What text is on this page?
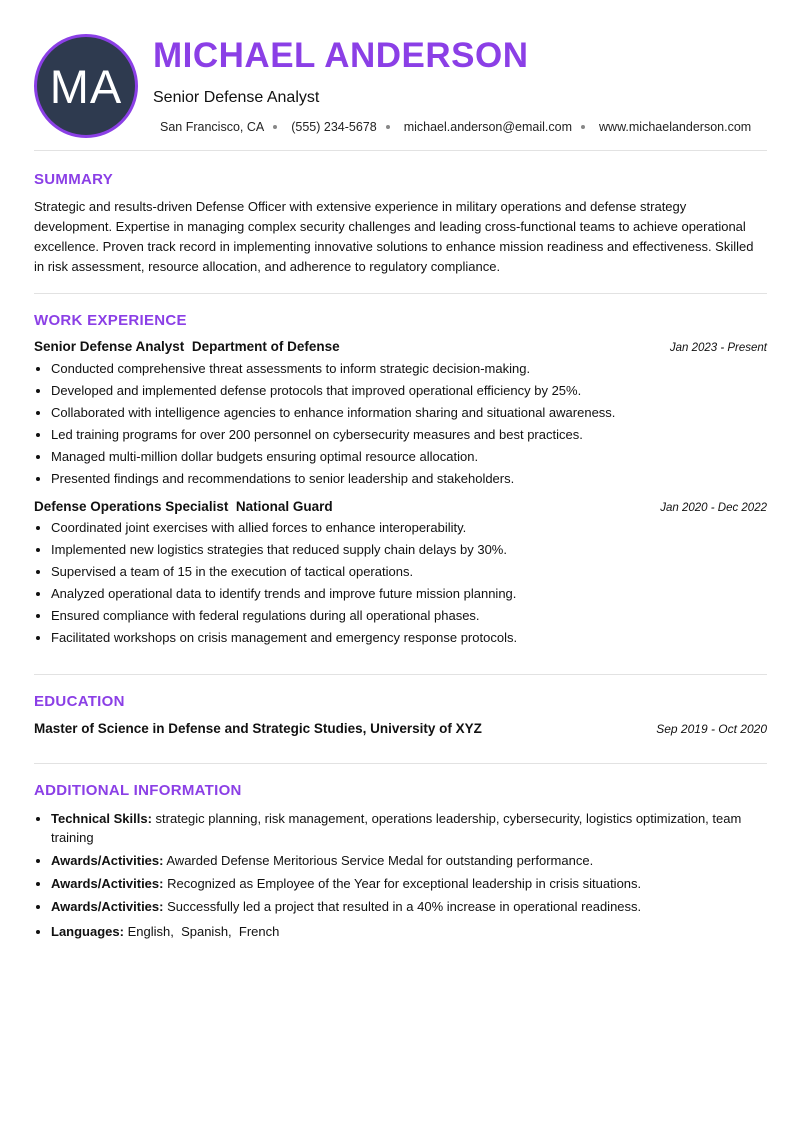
MA
MICHAEL ANDERSON
Senior Defense Analyst
San Francisco, CA (555) 234-5678 michael.anderson@email.com www.michaelanderson.com
SUMMARY

Strategic and results-driven Defense Officer with extensive experience in military operations and defense strategy development. Expertise in managing complex security challenges and leading cross-functional teams to achieve operational excellence. Proven track record in implementing innovative solutions to enhance mission readiness and effectiveness. Skilled in risk assessment, resource allocation, and adherence to regulatory compliance.

WORK EXPERIENCE
Senior Defense Analyst Department of Defense	Jan 2023 - Present
• Conducted comprehensive threat assessments to inform strategic decision-making.
• Developed and implemented defense protocols that improved operational efficiency by 25%.
• Collaborated with intelligence agencies to enhance information sharing and situational awareness.
• Led training programs for over 200 personnel on cybersecurity measures and best practices.
• Managed multi-million dollar budgets ensuring optimal resource allocation.
• Presented findings and recommendations to senior leadership and stakeholders.
Defense Operations Specialist National Guard	Jan 2020 - Dec 2022
• Coordinated joint exercises with allied forces to enhance interoperability.
• Implemented new logistics strategies that reduced supply chain delays by 30%.
• Supervised a team of 15 in the execution of tactical operations.
• Analyzed operational data to identify trends and improve future mission planning.
• Ensured compliance with federal regulations during all operational phases.
• Facilitated workshops on crisis management and emergency response protocols.
EDUCATION
Master of Science in Defense and Strategic Studies, University of XYZ	Sep 2019 - Oct 2020
ADDITIONAL INFORMATION
• Technical Skills: strategic planning, risk management, operations leadership, cybersecurity, logistics optimization, team training
• Awards/Activities: Awarded Defense Meritorious Service Medal for outstanding performance.
• Awards/Activities: Recognized as Employee of the Year for exceptional leadership in crisis situations.
• Awards/Activities: Successfully led a project that resulted in a 40% increase in operational readiness.
• Languages: English,  Spanish,  French
